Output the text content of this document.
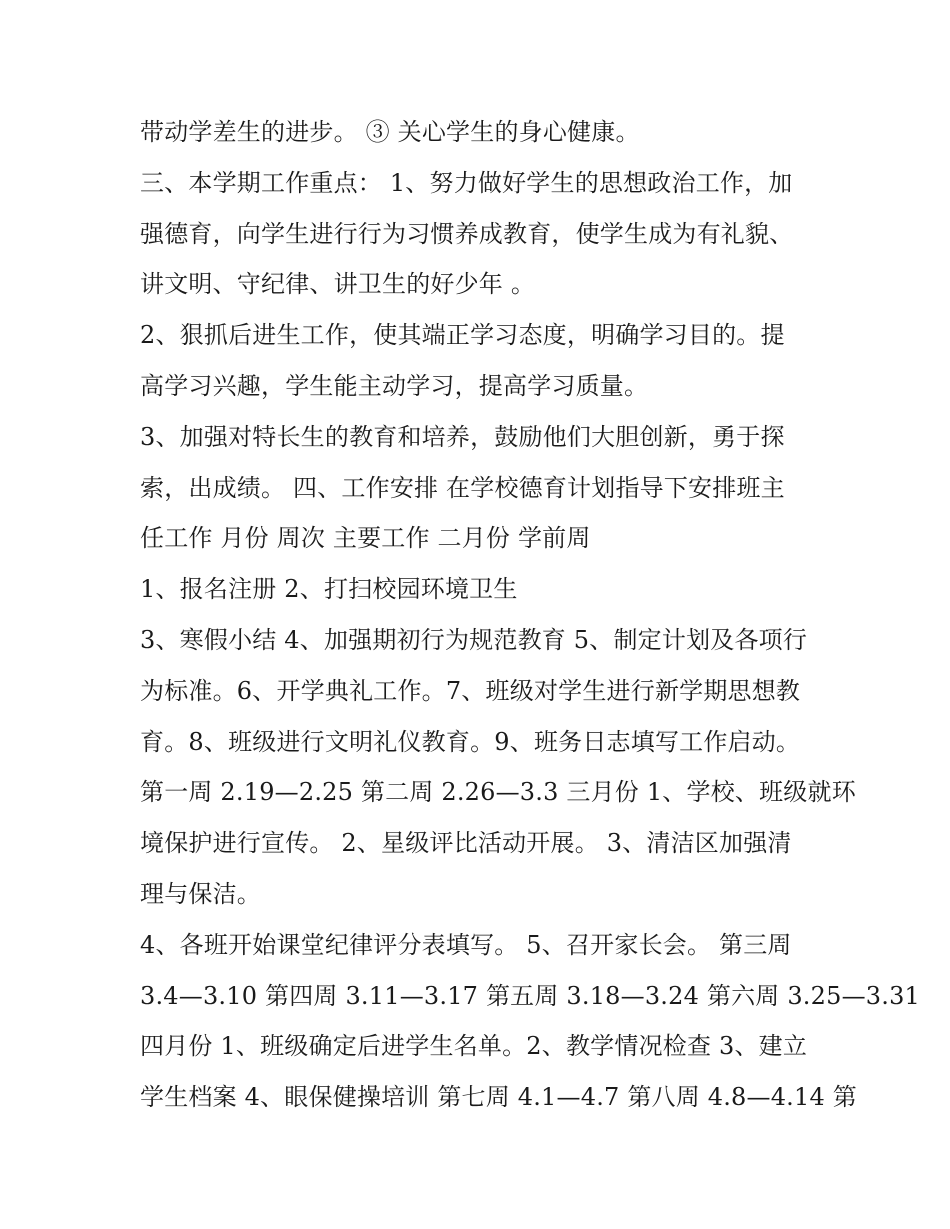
带动学差生的进步。 ③ 关心学生的身心健康。
三、本学期工作重点： 1、努力做好学生的思想政治工作，加
强德育，向学生进行行为习惯养成教育，使学生成为有礼貌、
讲文明、守纪律、讲卫生的好少年 。
2、狠抓后进生工作，使其端正学习态度，明确学习目的。提
高学习兴趣，学生能主动学习，提高学习质量。
3、加强对特长生的教育和培养，鼓励他们大胆创新，勇于探
索，出成绩。 四、工作安排 在学校德育计划指导下安排班主
任工作 月份 周次 主要工作 二月份 学前周
1、报名注册 2、打扫校园环境卫生
3、寒假小结 4、加强期初行为规范教育 5、制定计划及各项行
为标准。6、开学典礼工作。7、班级对学生进行新学期思想教
育。8、班级进行文明礼仪教育。9、班务日志填写工作启动。
第一周 2.19—2.25 第二周 2.26—3.3 三月份 1、学校、班级就环
境保护进行宣传。 2、星级评比活动开展。 3、清洁区加强清
理与保洁。
4、各班开始课堂纪律评分表填写。 5、召开家长会。 第三周
3.4—3.10 第四周 3.11—3.17 第五周 3.18—3.24 第六周 3.25—3.31
四月份 1、班级确定后进学生名单。2、教学情况检查 3、建立
学生档案 4、眼保健操培训 第七周 4.1—4.7 第八周 4.8—4.14 第
